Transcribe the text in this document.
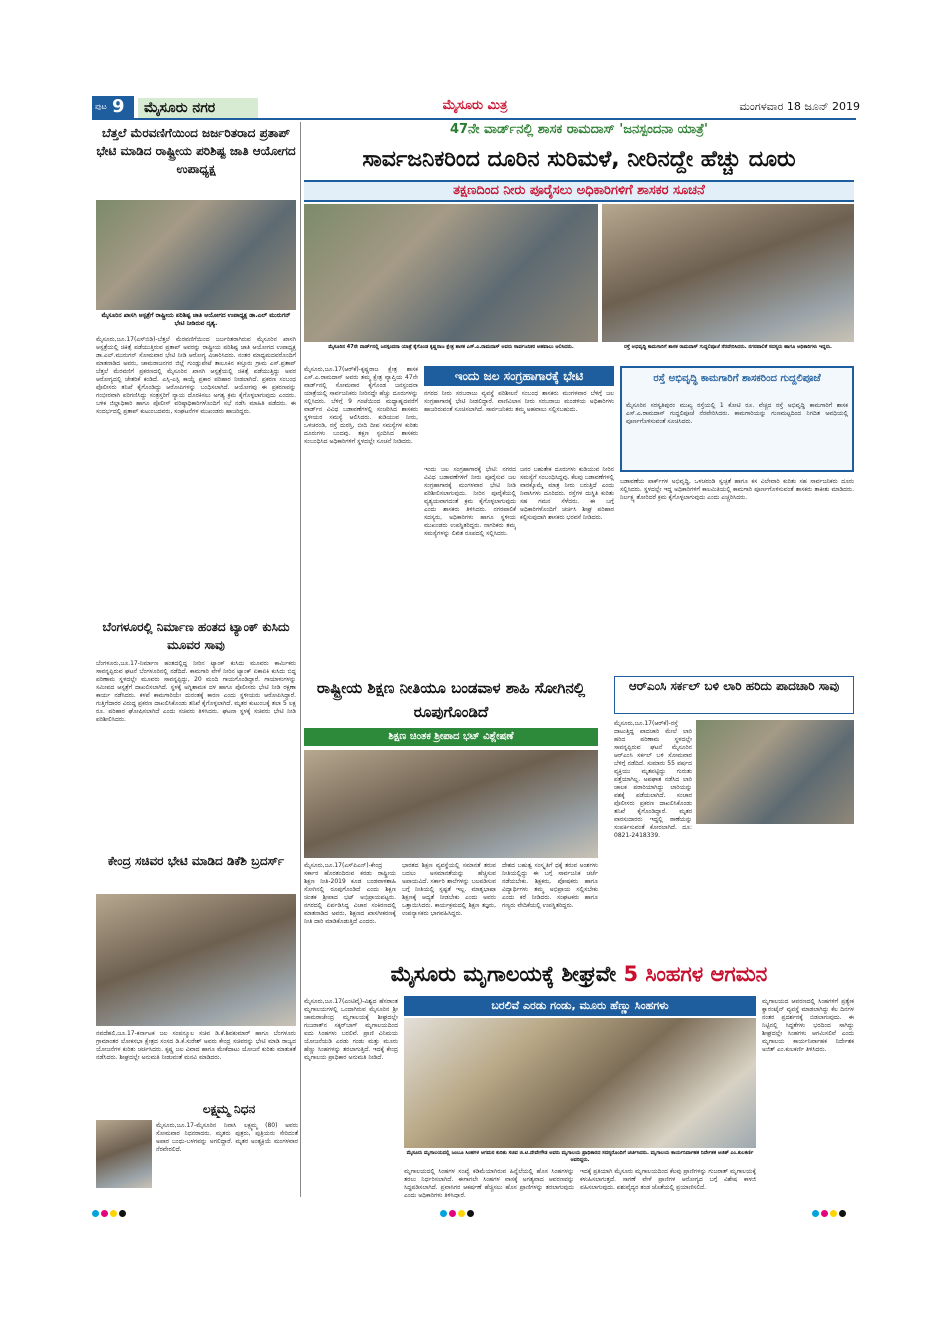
ಪುಟ 9	ಮೈಸೂರು ನಗರ	ಮೈಸೂರು ಮಿತ್ರ	ಮಂಗಳವಾರ 18 ಜೂನ್ 2019
ಬೆತ್ತಲೆ ಮೆರವಣಿಗೆಯಿಂದ ಜರ್ಜರಿತರಾದ ಪ್ರತಾಪ್ ಭೇಟಿ ಮಾಡಿದ ರಾಷ್ಟ್ರೀಯ ಪರಿಶಿಷ್ಟ ಜಾತಿ ಆಯೋಗದ ಉಪಾಧ್ಯಕ್ಷ
ಮೈಸೂರಿನ ಖಾಸಗಿ ಆಸ್ಪತ್ರೆಗೆ ರಾಷ್ಟ್ರೀಯ ಪರಿಶಿಷ್ಟ ಜಾತಿ ಆಯೋಗದ ಉಪಾಧ್ಯಕ್ಷ ಡಾ.ಎಲ್ ಮುರುಗನ್ ಭೇಟಿ ನೀಡಿರುವ ದೃಶ್ಯ.
ಮೈಸೂರು,ಜೂ.17(ಎಸ್‌ಬಿಡಿ)-ಬೆತ್ತಲೆ ಮೆರವಣಿಗೆಯಿಂದ ಜರ್ಜರಿತರಾಗಿರುವ ಮೈಸೂರಿನ ಖಾಸಗಿ ಆಸ್ಪತ್ರೆಯಲ್ಲಿ ಚಿಕಿತ್ಸೆ ಪಡೆಯುತ್ತಿರುವ ಪ್ರತಾಪ್ ಅವರನ್ನು ರಾಷ್ಟ್ರೀಯ ಪರಿಶಿಷ್ಟ ಜಾತಿ ಆಯೋಗದ ಉಪಾಧ್ಯಕ್ಷ ಡಾ.ಎಲ್.ಮುರುಗನ್ ಸೋಮವಾರ ಭೇಟಿ ನೀಡಿ ಆರೋಗ್ಯ ವಿಚಾರಿಸಿದರು. ನಂತರ ಮಾಧ್ಯಮದವರೊಂದಿಗೆ ಮಾತನಾಡಿದ ಅವರು, ಚಾಮರಾಜನಗರ ಜಿಲ್ಲೆ ಗುಂಡ್ಲುಪೇಟೆ ತಾಲೂಕಿನ ಕಸ್ತೂರು ಗ್ರಾಮ ಎಸ್.ಪ್ರತಾಪ್ ಬೆತ್ತಲೆ ಮೆರವಣಿಗೆ ಪ್ರಕರಣದಲ್ಲಿ ಮೈಸೂರಿನ ಖಾಸಗಿ ಆಸ್ಪತ್ರೆಯಲ್ಲಿ ಚಿಕಿತ್ಸೆ ಪಡೆಯುತ್ತಿದ್ದು ಅವರ ಆರೋಗ್ಯದಲ್ಲಿ ಚೇತರಿಕೆ ಕಂಡಿದೆ. ಎಸ್ಸಿ-ಎಸ್ಟಿ ಕಾಯ್ದೆ ಪ್ರಕಾರ ಪರಿಹಾರ ನೀಡಲಾಗಿದೆ. ಪ್ರಕರಣ ಸಂಬಂಧ ಪೊಲೀಸರು ತನಿಖೆ ಕೈಗೊಂಡಿದ್ದು ಆರೋಪಿಗಳನ್ನು ಬಂಧಿಸಲಾಗಿದೆ. ಆಯೋಗವು ಈ ಪ್ರಕರಣವನ್ನು ಗಂಭೀರವಾಗಿ ಪರಿಗಣಿಸಿದ್ದು ಸಂತ್ರಸ್ತರಿಗೆ ನ್ಯಾಯ ದೊರಕಿಸಲು ಅಗತ್ಯ ಕ್ರಮ ಕೈಗೊಳ್ಳಲಾಗುವುದು ಎಂದರು. ಬಳಿಕ ಜಿಲ್ಲಾಧಿಕಾರಿ ಹಾಗೂ ಪೊಲೀಸ್ ವರಿಷ್ಠಾಧಿಕಾರಿಗಳೊಂದಿಗೆ ಸಭೆ ನಡೆಸಿ ಮಾಹಿತಿ ಪಡೆದರು. ಈ ಸಂದರ್ಭದಲ್ಲಿ ಪ್ರತಾಪ್ ಕುಟುಂಬದವರು, ಸಂಘಟನೆಗಳ ಮುಖಂಡರು ಹಾಜರಿದ್ದರು.
ಬೆಂಗಳೂರಲ್ಲಿ ನಿರ್ಮಾಣ ಹಂತದ ಟ್ಯಾಂಕ್ ಕುಸಿದು ಮೂವರ ಸಾವು
ಬೆಂಗಳೂರು,ಜೂ.17-ನಿರ್ಮಾಣ ಹಂತದಲ್ಲಿದ್ದ ನೀರಿನ ಟ್ಯಾಂಕ್ ಕುಸಿದು ಮೂವರು ಕಾರ್ಮಿಕರು ಸಾವನ್ನಪ್ಪಿರುವ ಘಟನೆ ಬೆಂಗಳೂರಿನಲ್ಲಿ ನಡೆದಿದೆ. ಕಾಮಗಾರಿ ವೇಳೆ ನೀರಿನ ಟ್ಯಾಂಕ್ ಏಕಾಏಕಿ ಕುಸಿದು ಬಿದ್ದ ಪರಿಣಾಮ ಸ್ಥಳದಲ್ಲೇ ಮೂವರು ಸಾವನ್ನಪ್ಪಿದ್ದು, 20 ಮಂದಿ ಗಾಯಗೊಂಡಿದ್ದಾರೆ. ಗಾಯಾಳುಗಳನ್ನು ಸಮೀಪದ ಆಸ್ಪತ್ರೆಗೆ ದಾಖಲಿಸಲಾಗಿದೆ. ಸ್ಥಳಕ್ಕೆ ಅಗ್ನಿಶಾಮಕ ದಳ ಹಾಗೂ ಪೊಲೀಸರು ಭೇಟಿ ನೀಡಿ ರಕ್ಷಣಾ ಕಾರ್ಯ ನಡೆಸಿದರು. ಕಳಪೆ ಕಾಮಗಾರಿಯೇ ದುರಂತಕ್ಕೆ ಕಾರಣ ಎಂದು ಸ್ಥಳೀಯರು ಆರೋಪಿಸಿದ್ದಾರೆ. ಗುತ್ತಿಗೆದಾರರ ವಿರುದ್ಧ ಪ್ರಕರಣ ದಾಖಲಿಸಿಕೊಂಡು ತನಿಖೆ ಕೈಗೊಳ್ಳಲಾಗಿದೆ. ಮೃತರ ಕುಟುಂಬಕ್ಕೆ ತಲಾ 5 ಲಕ್ಷ ರೂ. ಪರಿಹಾರ ಘೋಷಿಸಲಾಗಿದೆ ಎಂದು ಸಚಿವರು ತಿಳಿಸಿದರು. ಘಟನಾ ಸ್ಥಳಕ್ಕೆ ಸಚಿವರು ಭೇಟಿ ನೀಡಿ ಪರಿಶೀಲಿಸಿದರು.
ಕೇಂದ್ರ ಸಚಿವರ ಭೇಟಿ ಮಾಡಿದ ಡಿಕೆಶಿ ಬ್ರದರ್ಸ್
ನವದೆಹಲಿ,ಜೂ.17-ಕರ್ನಾಟಕ ಜಲ ಸಂಪನ್ಮೂಲ ಸಚಿವ ಡಿ.ಕೆ.ಶಿವಕುಮಾರ್ ಹಾಗೂ ಬೆಂಗಳೂರು ಗ್ರಾಮಾಂತರ ಲೋಕಸಭಾ ಕ್ಷೇತ್ರದ ಸಂಸದ ಡಿ.ಕೆ.ಸುರೇಶ್ ಅವರು ಕೇಂದ್ರ ಸಚಿವರನ್ನು ಭೇಟಿ ಮಾಡಿ ರಾಜ್ಯದ ಯೋಜನೆಗಳ ಕುರಿತು ಚರ್ಚಿಸಿದರು. ಕೃಷ್ಣ ಜಲ ವಿವಾದ ಹಾಗೂ ಮೇಕೆದಾಟು ಯೋಜನೆ ಕುರಿತು ಮಾತುಕತೆ ನಡೆಸಿದರು. ಶೀಘ್ರದಲ್ಲೇ ಅನುಮತಿ ನೀಡುವಂತೆ ಮನವಿ ಮಾಡಿದರು.
ಲಕ್ಷ್ಮಮ್ಮ ನಿಧನ
ಮೈಸೂರು,ಜೂ.17-ಮೈಸೂರಿನ ನಿವಾಸಿ ಲಕ್ಷ್ಮಮ್ಮ (80) ಅವರು ಸೋಮವಾರ ನಿಧನರಾದರು. ಮೃತರು ಪುತ್ರರು, ಪುತ್ರಿಯರು ಸೇರಿದಂತೆ ಅಪಾರ ಬಂಧು-ಬಳಗವನ್ನು ಅಗಲಿದ್ದಾರೆ. ಮೃತರ ಅಂತ್ಯಕ್ರಿಯೆ ಮಂಗಳವಾರ ನೆರವೇರಲಿದೆ.
47ನೇ ವಾರ್ಡ್‌ನಲ್ಲಿ ಶಾಸಕ ರಾಮದಾಸ್ 'ಜನಸ್ಪಂದನಾ ಯಾತ್ರೆ'
ಸಾರ್ವಜನಿಕರಿಂದ ದೂರಿನ ಸುರಿಮಳೆ, ನೀರಿನದ್ದೇ ಹೆಚ್ಚು ದೂರು
ತಕ್ಷಣದಿಂದ ನೀರು ಪೂರೈಸಲು ಅಧಿಕಾರಿಗಳಿಗೆ ಶಾಸಕರ ಸೂಚನೆ
ಮೈಸೂರಿನ 47ನೇ ವಾರ್ಡ್‌ನಲ್ಲಿ ಜನಸ್ಪಂದನಾ ಯಾತ್ರೆ ಕೈಗೊಂಡ ಕೃಷ್ಣರಾಜ ಕ್ಷೇತ್ರ ಶಾಸಕ ಎಸ್.ಎ.ರಾಮದಾಸ್ ಅವರು ಸಾರ್ವಜನಿಕರ ಅಹವಾಲು ಆಲಿಸಿದರು.	ರಸ್ತೆ ಅಭಿವೃದ್ಧಿ ಕಾಮಗಾರಿಗೆ ಶಾಸಕ ರಾಮದಾಸ್ ಗುದ್ದಲಿಪೂಜೆ ನೆರವೇರಿಸಿದರು. ನಗರಪಾಲಿಕೆ ಸದಸ್ಯರು ಹಾಗೂ ಅಧಿಕಾರಿಗಳು ಇದ್ದರು.
ಮೈಸೂರು,ಜೂ.17(ಆರ್‌ಕೆ)-ಕೃಷ್ಣರಾಜ ಕ್ಷೇತ್ರ ಶಾಸಕ ಎಸ್.ಎ.ರಾಮದಾಸ್ ಅವರು ತಮ್ಮ ಕ್ಷೇತ್ರ ವ್ಯಾಪ್ತಿಯ 47ನೇ ವಾರ್ಡ್‌ನಲ್ಲಿ ಸೋಮವಾರ ಕೈಗೊಂಡ ಜನಸ್ಪಂದನಾ ಯಾತ್ರೆಯಲ್ಲಿ ಸಾರ್ವಜನಿಕರು ನೀರಿನದ್ದೇ ಹೆಚ್ಚು ದೂರುಗಳನ್ನು ಸಲ್ಲಿಸಿದರು. ಬೆಳಿಗ್ಗೆ 9 ಗಂಟೆಯಿಂದ ಮಧ್ಯಾಹ್ನದವರೆಗೆ ವಾರ್ಡ್‌ನ ವಿವಿಧ ಬಡಾವಣೆಗಳಲ್ಲಿ ಸಂಚರಿಸಿದ ಶಾಸಕರು ಸ್ಥಳೀಯರ ಸಮಸ್ಯೆ ಆಲಿಸಿದರು. ಕುಡಿಯುವ ನೀರು, ಒಳಚರಂಡಿ, ರಸ್ತೆ ದುರಸ್ತಿ, ಬೀದಿ ದೀಪ ಸಮಸ್ಯೆಗಳ ಕುರಿತು ದೂರುಗಳು ಬಂದವು. ತಕ್ಷಣ ಸ್ಪಂದಿಸಿದ ಶಾಸಕರು ಸಂಬಂಧಿಸಿದ ಅಧಿಕಾರಿಗಳಿಗೆ ಸ್ಥಳದಲ್ಲೇ ಸೂಚನೆ ನೀಡಿದರು.
ಇಂದು ಜಲ ಸಂಗ್ರಹಾಗಾರಕ್ಕೆ ಭೇಟಿ
ನಗರದ ನೀರು ಸರಬರಾಜು ವ್ಯವಸ್ಥೆ ಪರಿಶೀಲನೆ ಸಂಬಂಧ ಶಾಸಕರು ಮಂಗಳವಾರ ಬೆಳಿಗ್ಗೆ ಜಲ ಸಂಗ್ರಹಾಗಾರಕ್ಕೆ ಭೇಟಿ ನೀಡಲಿದ್ದಾರೆ. ವಾಣಿವಿಲಾಸ ನೀರು ಸರಬರಾಜು ಮಂಡಳಿಯ ಅಧಿಕಾರಿಗಳು ಹಾಜರಿರುವಂತೆ ಸೂಚಿಸಲಾಗಿದೆ. ಸಾರ್ವಜನಿಕರು ತಮ್ಮ ಅಹವಾಲು ಸಲ್ಲಿಸಬಹುದು.
ರಸ್ತೆ ಅಭಿವೃದ್ಧಿ ಕಾಮಗಾರಿಗೆ ಶಾಸಕರಿಂದ ಗುದ್ದಲಿಪೂಜೆ
ಮೈಸೂರಿನ ಸರಸ್ವತಿಪುರಂ ಮುಖ್ಯ ರಸ್ತೆಯಲ್ಲಿ 1 ಕೋಟಿ ರೂ. ವೆಚ್ಚದ ರಸ್ತೆ ಅಭಿವೃದ್ಧಿ ಕಾಮಗಾರಿಗೆ ಶಾಸಕ ಎಸ್.ಎ.ರಾಮದಾಸ್ ಗುದ್ದಲಿಪೂಜೆ ನೆರವೇರಿಸಿದರು. ಕಾಮಗಾರಿಯನ್ನು ಗುಣಮಟ್ಟದಿಂದ ನಿಗದಿತ ಅವಧಿಯಲ್ಲಿ ಪೂರ್ಣಗೊಳಿಸುವಂತೆ ಸೂಚಿಸಿದರು.
ಇಂದು ಜಲ ಸಂಗ್ರಹಾಗಾರಕ್ಕೆ ಭೇಟಿ: ನಗರದ ವಿವಿಧ ಬಡಾವಣೆಗಳಿಗೆ ನೀರು ಪೂರೈಸುವ ಜಲ ಸಂಗ್ರಹಾಗಾರಕ್ಕೆ ಮಂಗಳವಾರ ಭೇಟಿ ನೀಡಿ ಪರಿಶೀಲಿಸಲಾಗುವುದು. ನೀರಿನ ಪೂರೈಕೆಯಲ್ಲಿ ವ್ಯತ್ಯಯವಾಗದಂತೆ ಕ್ರಮ ಕೈಗೊಳ್ಳಲಾಗುವುದು ಎಂದು ಶಾಸಕರು ತಿಳಿಸಿದರು. ನಗರಪಾಲಿಕೆ ಸದಸ್ಯರು, ಅಧಿಕಾರಿಗಳು ಹಾಗೂ ಸ್ಥಳೀಯ ಮುಖಂಡರು ಉಪಸ್ಥಿತರಿದ್ದರು. ನಾಗರಿಕರು ತಮ್ಮ ಸಮಸ್ಯೆಗಳನ್ನು ಲಿಖಿತ ರೂಪದಲ್ಲಿ ಸಲ್ಲಿಸಿದರು.
ಜನರ ಬಹುತೇಕ ದೂರುಗಳು ಕುಡಿಯುವ ನೀರಿನ ಸಮಸ್ಯೆಗೆ ಸಂಬಂಧಿಸಿದ್ದವು. ಕೆಲವು ಬಡಾವಣೆಗಳಲ್ಲಿ ವಾರಕ್ಕೊಮ್ಮೆ ಮಾತ್ರ ನೀರು ಬರುತ್ತಿದೆ ಎಂದು ನಿವಾಸಿಗಳು ದೂರಿದರು. ರಸ್ತೆಗಳ ದುಸ್ಥಿತಿ ಕುರಿತು ಸಹ ಗಮನ ಸೆಳೆದರು. ಈ ಬಗ್ಗೆ ಅಧಿಕಾರಿಗಳೊಂದಿಗೆ ಚರ್ಚಿಸಿ ಶೀಘ್ರ ಪರಿಹಾರ ಕಲ್ಪಿಸುವುದಾಗಿ ಶಾಸಕರು ಭರವಸೆ ನೀಡಿದರು.
ಬಡಾವಣೆಯ ಪಾರ್ಕ್‌ಗಳ ಅಭಿವೃದ್ಧಿ, ಒಳಚರಂಡಿ ಸ್ವಚ್ಛತೆ ಹಾಗೂ ಕಸ ವಿಲೇವಾರಿ ಕುರಿತು ಸಹ ಸಾರ್ವಜನಿಕರು ದೂರು ಸಲ್ಲಿಸಿದರು. ಸ್ಥಳದಲ್ಲೇ ಇದ್ದ ಅಧಿಕಾರಿಗಳಿಗೆ ಕಾಲಮಿತಿಯಲ್ಲಿ ಕಾಮಗಾರಿ ಪೂರ್ಣಗೊಳಿಸುವಂತೆ ಶಾಸಕರು ತಾಕೀತು ಮಾಡಿದರು. ನಿರ್ಲಕ್ಷ್ಯ ತೋರಿದರೆ ಕ್ರಮ ಕೈಗೊಳ್ಳಲಾಗುವುದು ಎಂದು ಎಚ್ಚರಿಸಿದರು.
ರಾಷ್ಟ್ರೀಯ ಶಿಕ್ಷಣ ನೀತಿಯೂ ಬಂಡವಾಳ ಶಾಹಿ ಸೋಗಿನಲ್ಲಿ ರೂಪುಗೊಂಡಿದೆ
ಶಿಕ್ಷಣ ಚಿಂತಕ ಶ್ರೀಪಾದ ಭಟ್ ವಿಶ್ಲೇಷಣೆ
ಮೈಸೂರು,ಜೂ.17(ಎಸ್‌ಪಿಎನ್)-ಕೇಂದ್ರ ಸರ್ಕಾರ ಹೊರತಂದಿರುವ ಕರಡು ರಾಷ್ಟ್ರೀಯ ಶಿಕ್ಷಣ ನೀತಿ-2019 ಕೂಡ ಬಂಡವಾಳಶಾಹಿ ಸೋಗಿನಲ್ಲಿ ರೂಪುಗೊಂಡಿದೆ ಎಂದು ಶಿಕ್ಷಣ ಚಿಂತಕ ಶ್ರೀಪಾದ ಭಟ್ ಅಭಿಪ್ರಾಯಪಟ್ಟರು. ನಗರದಲ್ಲಿ ಏರ್ಪಡಿಸಿದ್ದ ವಿಚಾರ ಸಂಕಿರಣದಲ್ಲಿ ಮಾತನಾಡಿದ ಅವರು, ಶಿಕ್ಷಣದ ಖಾಸಗೀಕರಣಕ್ಕೆ ನೀತಿ ದಾರಿ ಮಾಡಿಕೊಡುತ್ತಿದೆ ಎಂದರು.
ಭಾರತದ ಶಿಕ್ಷಣ ವ್ಯವಸ್ಥೆಯಲ್ಲಿ ಸಮಾನತೆ ತರುವ ಬದಲು ಅಸಮಾನತೆಯನ್ನು ಹೆಚ್ಚಿಸುವ ಅಪಾಯವಿದೆ. ಸರ್ಕಾರಿ ಶಾಲೆಗಳನ್ನು ಬಲಪಡಿಸುವ ಬಗ್ಗೆ ನೀತಿಯಲ್ಲಿ ಸ್ಪಷ್ಟತೆ ಇಲ್ಲ. ಮಾತೃಭಾಷಾ ಶಿಕ್ಷಣಕ್ಕೆ ಆದ್ಯತೆ ನೀಡಬೇಕು ಎಂದು ಅವರು ಒತ್ತಾಯಿಸಿದರು. ಕಾರ್ಯಕ್ರಮದಲ್ಲಿ ಶಿಕ್ಷಣ ತಜ್ಞರು, ಉಪನ್ಯಾಸಕರು ಭಾಗವಹಿಸಿದ್ದರು.
ದೇಶದ ಬಹುತ್ವ ಸಂಸ್ಕೃತಿಗೆ ಧಕ್ಕೆ ತರುವ ಅಂಶಗಳು ನೀತಿಯಲ್ಲಿದ್ದು ಈ ಬಗ್ಗೆ ಸಾರ್ವಜನಿಕ ಚರ್ಚೆ ನಡೆಯಬೇಕು. ಶಿಕ್ಷಕರು, ಪೋಷಕರು ಹಾಗೂ ವಿದ್ಯಾರ್ಥಿಗಳು ತಮ್ಮ ಅಭಿಪ್ರಾಯ ಸಲ್ಲಿಸಬೇಕು ಎಂದು ಕರೆ ನೀಡಿದರು. ಸಂಘಟಕರು ಹಾಗೂ ಗಣ್ಯರು ವೇದಿಕೆಯಲ್ಲಿ ಉಪಸ್ಥಿತರಿದ್ದರು.
ಆರ್‌ಎಂಸಿ ಸರ್ಕಲ್ ಬಳಿ ಲಾರಿ ಹರಿದು ಪಾದಚಾರಿ ಸಾವು
ಮೈಸೂರು,ಜೂ.17(ಆರ್‌ಕೆ)-ರಸ್ತೆ ದಾಟುತ್ತಿದ್ದ ಪಾದಚಾರಿ ಮೇಲೆ ಲಾರಿ ಹರಿದ ಪರಿಣಾಮ ಸ್ಥಳದಲ್ಲೇ ಸಾವನ್ನಪ್ಪಿರುವ ಘಟನೆ ಮೈಸೂರಿನ ಆರ್‌ಎಂಸಿ ಸರ್ಕಲ್ ಬಳಿ ಸೋಮವಾರ ಬೆಳಿಗ್ಗೆ ನಡೆದಿದೆ. ಸುಮಾರು 55 ವರ್ಷದ ವ್ಯಕ್ತಿಯು ಮೃತಪಟ್ಟಿದ್ದು ಗುರುತು ಪತ್ತೆಯಾಗಿಲ್ಲ. ಅಪಘಾತ ನಡೆಸಿದ ಲಾರಿ ಚಾಲಕ ಪರಾರಿಯಾಗಿದ್ದು ಲಾರಿಯನ್ನು ವಶಕ್ಕೆ ಪಡೆಯಲಾಗಿದೆ. ಸಂಚಾರ ಪೊಲೀಸರು ಪ್ರಕರಣ ದಾಖಲಿಸಿಕೊಂಡು ತನಿಖೆ ಕೈಗೊಂಡಿದ್ದಾರೆ. ಮೃತರ ವಾರಸುದಾರರು ಇದ್ದಲ್ಲಿ ಠಾಣೆಯನ್ನು ಸಂಪರ್ಕಿಸುವಂತೆ ಕೋರಲಾಗಿದೆ. ದೂ: 0821-2418339.
ಮೈಸೂರು ಮೃಗಾಲಯಕ್ಕೆ ಶೀಘ್ರವೇ 5 ಸಿಂಹಗಳ ಆಗಮನ
ಬರಲಿವೆ ಎರಡು ಗಂಡು, ಮೂರು ಹೆಣ್ಣು ಸಿಂಹಗಳು
ಮೈಸೂರು ಮೃಗಾಲಯದಲ್ಲಿ ಜಂಬೂ ಸಿಂಹಗಳ ಆಗಮನ ಕುರಿತು ಸಚಿವ ಜಿ.ಟಿ.ದೇವೇಗೌಡ ಅವರು ಮೃಗಾಲಯ ಪ್ರಾಧಿಕಾರದ ಸದಸ್ಯರೊಂದಿಗೆ ಚರ್ಚಿಸಿದರು. ಮೃಗಾಲಯ ಕಾರ್ಯನಿರ್ವಾಹಕ ನಿರ್ದೇಶಕ ಅಜಿತ್ ಎಂ.ಕುಲಕರ್ಣಿ ಅವರಿದ್ದರು.
ಮೈಸೂರು,ಜೂ.17(ಎಂಟಿವೈ)-ವಿಶ್ವದ ಹೆಸರಾಂತ ಮೃಗಾಲಯಗಳಲ್ಲಿ ಒಂದಾಗಿರುವ ಮೈಸೂರಿನ ಶ್ರೀ ಚಾಮರಾಜೇಂದ್ರ ಮೃಗಾಲಯಕ್ಕೆ ಶೀಘ್ರದಲ್ಲೇ ಗುಜರಾತ್‌ನ ಸಕ್ಕರ್‌ಬಾಗ್ ಮೃಗಾಲಯದಿಂದ ಐದು ಸಿಂಹಗಳು ಬರಲಿವೆ. ಪ್ರಾಣಿ ವಿನಿಮಯ ಯೋಜನೆಯಡಿ ಎರಡು ಗಂಡು ಮತ್ತು ಮೂರು ಹೆಣ್ಣು ಸಿಂಹಗಳನ್ನು ತರಲಾಗುತ್ತಿದೆ. ಇದಕ್ಕೆ ಕೇಂದ್ರ ಮೃಗಾಲಯ ಪ್ರಾಧಿಕಾರ ಅನುಮತಿ ನೀಡಿದೆ.
ಮೃಗಾಲಯದಲ್ಲಿ ಸಿಂಹಗಳ ಸಂಖ್ಯೆ ಕಡಿಮೆಯಾಗಿರುವ ಹಿನ್ನೆಲೆಯಲ್ಲಿ ಹೊಸ ಸಿಂಹಗಳನ್ನು ತರಲು ನಿರ್ಧರಿಸಲಾಗಿದೆ. ಈಗಾಗಲೇ ಸಿಂಹಗಳ ವಾಸಕ್ಕೆ ಅಗತ್ಯವಾದ ಆವರಣವನ್ನು ಸಿದ್ಧಪಡಿಸಲಾಗಿದೆ. ಪ್ರವಾಸಿಗರ ಆಕರ್ಷಣೆ ಹೆಚ್ಚಿಸಲು ಹೊಸ ಪ್ರಾಣಿಗಳನ್ನು ತರಲಾಗುವುದು ಎಂದು ಅಧಿಕಾರಿಗಳು ತಿಳಿಸಿದ್ದಾರೆ.
ಇದಕ್ಕೆ ಪ್ರತಿಯಾಗಿ ಮೈಸೂರು ಮೃಗಾಲಯದಿಂದ ಕೆಲವು ಪ್ರಾಣಿಗಳನ್ನು ಗುಜರಾತ್ ಮೃಗಾಲಯಕ್ಕೆ ಕಳುಹಿಸಲಾಗುತ್ತದೆ. ಸಾಗಣೆ ವೇಳೆ ಪ್ರಾಣಿಗಳ ಆರೋಗ್ಯದ ಬಗ್ಗೆ ವಿಶೇಷ ಕಾಳಜಿ ವಹಿಸಲಾಗುವುದು. ಪಶುವೈದ್ಯರ ತಂಡ ಜೊತೆಯಲ್ಲಿ ಪ್ರಯಾಣಿಸಲಿದೆ.
ಮೃಗಾಲಯದ ಆವರಣದಲ್ಲಿ ಸಿಂಹಗಳಿಗೆ ಪ್ರತ್ಯೇಕ ಕ್ವಾರಂಟೈನ್ ವ್ಯವಸ್ಥೆ ಮಾಡಲಾಗಿದ್ದು ಕೆಲ ದಿನಗಳ ನಂತರ ಪ್ರದರ್ಶನಕ್ಕೆ ಬಿಡಲಾಗುವುದು. ಈ ನಿಟ್ಟಿನಲ್ಲಿ ಸಿದ್ಧತೆಗಳು ಭರದಿಂದ ಸಾಗಿದ್ದು ಶೀಘ್ರದಲ್ಲೇ ಸಿಂಹಗಳು ಆಗಮಿಸಲಿವೆ ಎಂದು ಮೃಗಾಲಯ ಕಾರ್ಯನಿರ್ವಾಹಕ ನಿರ್ದೇಶಕ ಅಜಿತ್ ಎಂ.ಕುಲಕರ್ಣಿ ತಿಳಿಸಿದರು.
